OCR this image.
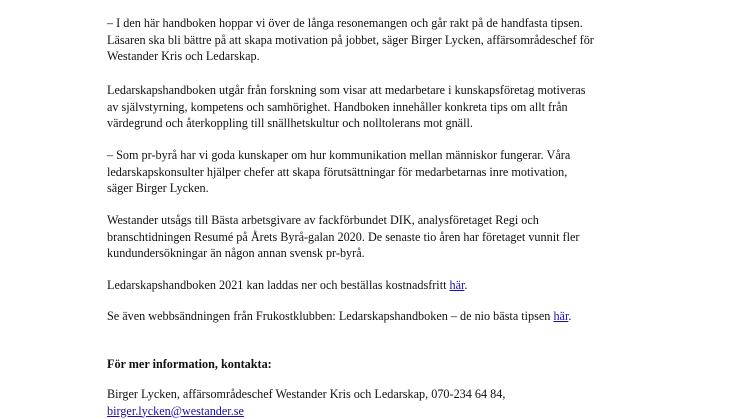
– I den här handboken hoppar vi över de långa resonemangen och går rakt på de handfasta tipsen.
Läsaren ska bli bättre på att skapa motivation på jobbet, säger Birger Lycken, affärsområdeschef för
Westander Kris och Ledarskap.

Ledarskapshandboken utgår från forskning som visar att medarbetare i kunskapsföretag motiveras
av självstyrning, kompetens och samhörighet. Handboken innehåller konkreta tips om allt från
värdegrund och återkoppling till snällhetskultur och nolltolerans mot gnäll.

– Som pr-byrå har vi goda kunskaper om hur kommunikation mellan människor fungerar. Våra
ledarskapskonsulter hjälper chefer att skapa förutsättningar för medarbetarnas inre motivation,
säger Birger Lycken.

Westander utsågs till Bästa arbetsgivare av fackförbundet DIK, analysföretaget Regi och
branschtidningen Resumé på Årets Byrå-galan 2020. De senaste tio åren har företaget vunnit fler
kundundersökningar än någon annan svensk pr-byrå.

Ledarskapshandboken 2021 kan laddas ner och beställas kostnadsfritt här.

Se även webbsändningen från Frukostklubben: Ledarskapshandboken – de nio bästa tipsen här.

För mer information, kontakta:

Birger Lycken, affärsområdeschef Westander Kris och Ledarskap, 070-234 64 84,
birger.lycken@westander.se
